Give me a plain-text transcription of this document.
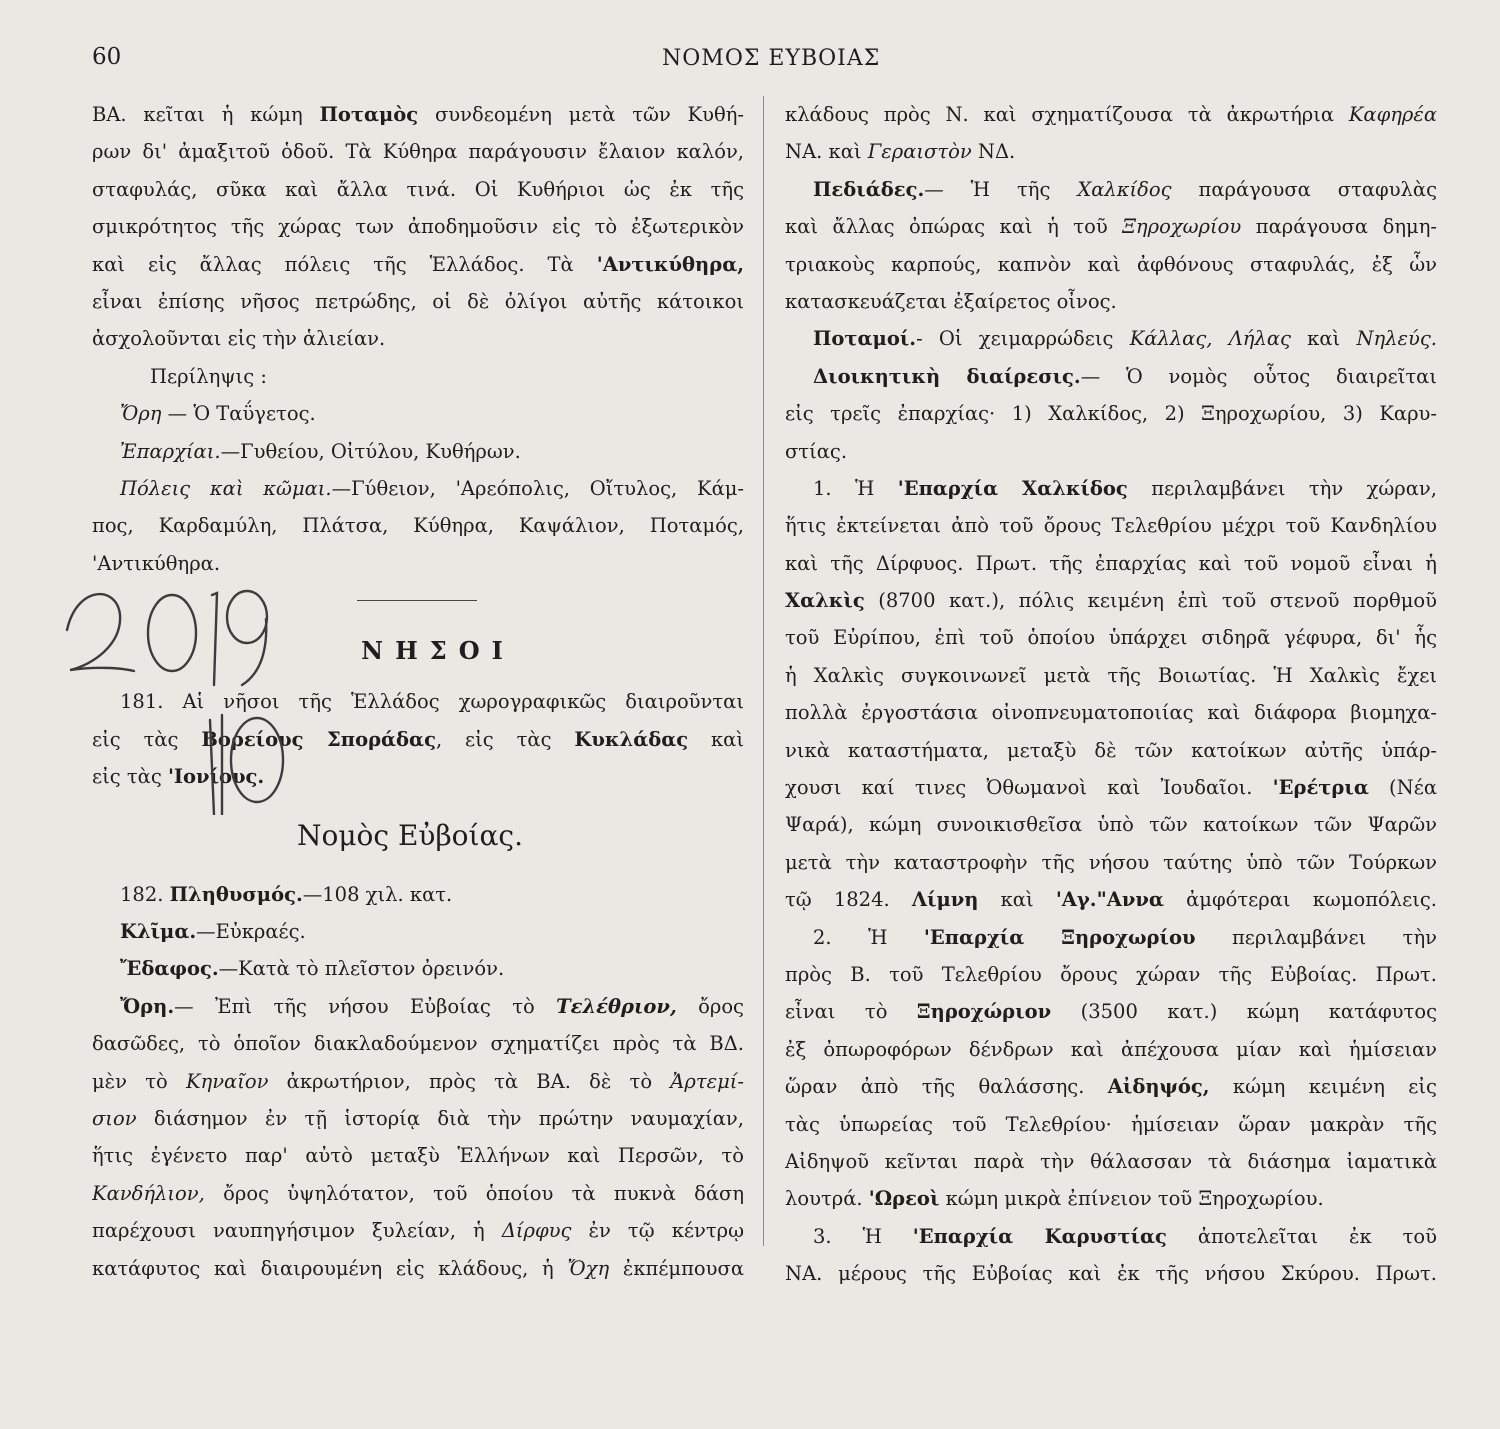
60	ΝΟΜΟΣ ΕΥΒΟΙΑΣ
ΒΑ. κεῖται ἡ κώμη Ποταμὸς συνδεομένη μετὰ τῶν Κυθή-
ρων δι' ἀμαξιτοῦ ὁδοῦ. Τὰ Κύθηρα παράγουσιν ἔλαιον καλόν,
σταφυλάς, σῦκα καὶ ἄλλα τινά. Οἱ Κυθήριοι ὡς ἐκ τῆς
σμικρότητος τῆς χώρας των ἀποδημοῦσιν εἰς τὸ ἐξωτερικὸν
καὶ εἰς ἄλλας πόλεις τῆς Ἑλλάδος. Τὰ 'Αντικύθηρα,
εἶναι ἐπίσης νῆσος πετρώδης, οἱ δὲ ὀλίγοι αὐτῆς κάτοικοι
ἀσχολοῦνται εἰς τὴν ἁλιείαν.
Περίληψις :
Ὄρη — Ὁ Ταΰγετος.
Ἐπαρχίαι.—Γυθείου, Οἰτύλου, Κυθήρων.
Πόλεις καὶ κῶμαι.—Γύθειον, 'Αρεόπολις, Οἴτυλος, Κάμ-
πος, Καρδαμύλη, Πλάτσα, Κύθηρα, Καψάλιον, Ποταμός,
'Αντικύθηρα.
ΝΗΣΟΙ
181. Αἱ νῆσοι τῆς Ἑλλάδος χωρογραφικῶς διαιροῦνται
εἰς τὰς Βορείους Σποράδας, εἰς τὰς Κυκλάδας καὶ
εἰς τὰς 'Ιονίους.
Νομὸς Εὐβοίας.
182. Πληθυσμός.—108 χιλ. κατ.
Κλῖμα.—Εὐκραές.
Ἔδαφος.—Κατὰ τὸ πλεῖστον ὀρεινόν.
Ὄρη.— Ἐπὶ τῆς νήσου Εὐβοίας τὸ Τελέθριον, ὄρος
δασῶδες, τὸ ὁποῖον διακλαδούμενον σχηματίζει πρὸς τὰ ΒΔ.
μὲν τὸ Κηναῖον ἀκρωτήριον, πρὸς τὰ ΒΑ. δὲ τὸ Ἀρτεμί-
σιον διάσημον ἐν τῇ ἱστορίᾳ διὰ τὴν πρώτην ναυμαχίαν,
ἥτις ἐγένετο παρ' αὐτὸ μεταξὺ Ἑλλήνων καὶ Περσῶν, τὸ
Κανδήλιον, ὄρος ὑψηλότατον, τοῦ ὁποίου τὰ πυκνὰ δάση
παρέχουσι ναυπηγήσιμον ξυλείαν, ἡ Δίρφυς ἐν τῷ κέντρῳ
κατάφυτος καὶ διαιρουμένη εἰς κλάδους, ἡ Ὄχη ἐκπέμπουσα
κλάδους πρὸς Ν. καὶ σχηματίζουσα τὰ ἀκρωτήρια Καφηρέα
ΝΑ. καὶ Γεραιστὸν ΝΔ.
Πεδιάδες.— Ἡ τῆς Χαλκίδος παράγουσα σταφυλὰς
καὶ ἄλλας ὀπώρας καὶ ἡ τοῦ Ξηροχωρίου παράγουσα δημη-
τριακοὺς καρπούς, καπνὸν καὶ ἀφθόνους σταφυλάς, ἐξ ὧν
κατασκευάζεται ἐξαίρετος οἶνος.
Ποταμοί.- Οἱ χειμαρρώδεις Κάλλας, Λήλας καὶ Νηλεύς.
Διοικητικὴ διαίρεσις.— Ὁ νομὸς οὗτος διαιρεῖται
εἰς τρεῖς ἐπαρχίας· 1) Χαλκίδος, 2) Ξηροχωρίου, 3) Καρυ-
στίας.
1. Ἡ 'Επαρχία Χαλκίδος περιλαμβάνει τὴν χώραν,
ἥτις ἐκτείνεται ἀπὸ τοῦ ὄρους Τελεθρίου μέχρι τοῦ Κανδηλίου
καὶ τῆς Δίρφυος. Πρωτ. τῆς ἐπαρχίας καὶ τοῦ νομοῦ εἶναι ἡ
Χαλκὶς (8700 κατ.), πόλις κειμένη ἐπὶ τοῦ στενοῦ πορθμοῦ
τοῦ Εὐρίπου, ἐπὶ τοῦ ὁποίου ὑπάρχει σιδηρᾶ γέφυρα, δι' ἧς
ἡ Χαλκὶς συγκοινωνεῖ μετὰ τῆς Βοιωτίας. Ἡ Χαλκὶς ἔχει
πολλὰ ἐργοστάσια οἰνοπνευματοποιίας καὶ διάφορα βιομηχα-
νικὰ καταστήματα, μεταξὺ δὲ τῶν κατοίκων αὐτῆς ὑπάρ-
χουσι καί τινες Ὀθωμανοὶ καὶ Ἰουδαῖοι. 'Ερέτρια (Νέα
Ψαρά), κώμη συνοικισθεῖσα ὑπὸ τῶν κατοίκων τῶν Ψαρῶν
μετὰ τὴν καταστροφὴν τῆς νήσου ταύτης ὑπὸ τῶν Τούρκων
τῷ 1824. Λίμνη καὶ 'Αγ."Αννα ἀμφότεραι κωμοπόλεις.
2. Ἡ 'Επαρχία Ξηροχωρίου περιλαμβάνει τὴν
πρὸς Β. τοῦ Τελεθρίου ὄρους χώραν τῆς Εὐβοίας. Πρωτ.
εἶναι τὸ Ξηροχώριον (3500 κατ.) κώμη κατάφυτος
ἐξ ὀπωροφόρων δένδρων καὶ ἀπέχουσα μίαν καὶ ἡμίσειαν
ὥραν ἀπὸ τῆς θαλάσσης. Αἰδηψός, κώμη κειμένη εἰς
τὰς ὑπωρείας τοῦ Τελεθρίου· ἡμίσειαν ὥραν μακρὰν τῆς
Αἰδηψοῦ κεῖνται παρὰ τὴν θάλασσαν τὰ διάσημα ἰαματικὰ
λουτρά. 'Ωρεοὶ κώμη μικρὰ ἐπίνειον τοῦ Ξηροχωρίου.
3. Ἡ 'Επαρχία Καρυστίας ἀποτελεῖται ἐκ τοῦ
ΝΑ. μέρους τῆς Εὐβοίας καὶ ἐκ τῆς νήσου Σκύρου. Πρωτ.
